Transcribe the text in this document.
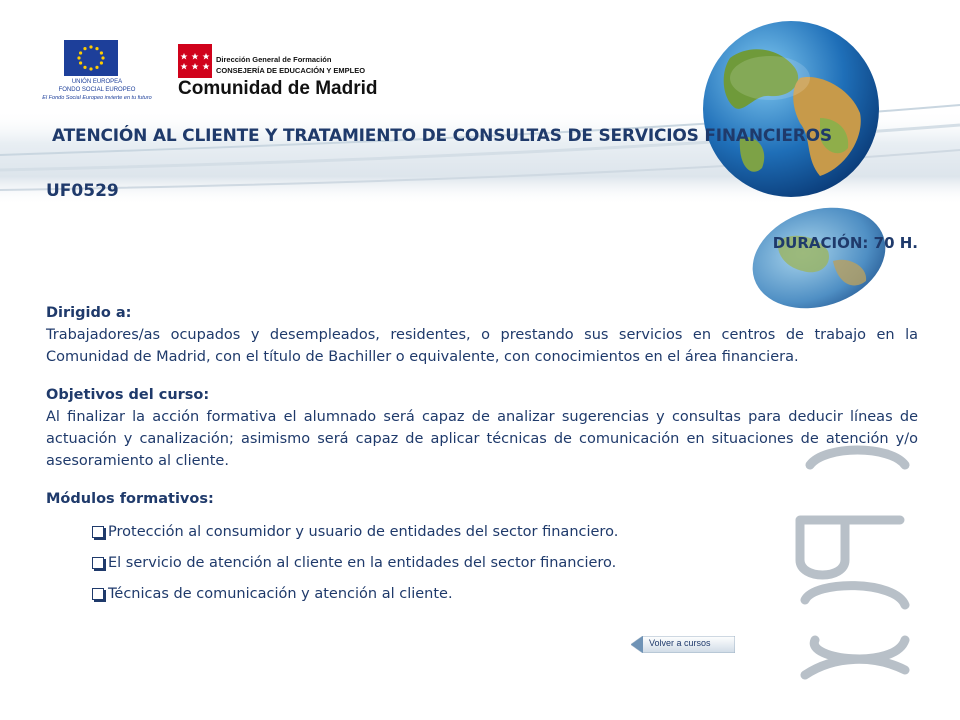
UNIÓN EUROPEA
FONDO SOCIAL EUROPEO
El Fondo Social Europeo invierte en tu futuro
Dirección General de Formación
CONSEJERÍA DE EDUCACIÓN Y EMPLEO
Comunidad de Madrid
ATENCIÓN AL CLIENTE Y TRATAMIENTO DE CONSULTAS DE SERVICIOS FINANCIEROS
UF0529
DURACIÓN: 70 H.
Dirigido a:
Trabajadores/as ocupados y desempleados, residentes, o prestando sus servicios en centros de trabajo en la Comunidad de Madrid, con el título de Bachiller o equivalente, con conocimientos en el área financiera.
Objetivos del curso:
Al finalizar la acción formativa el alumnado será capaz de analizar sugerencias y consultas para deducir líneas de actuación y canalización; asimismo será capaz de aplicar técnicas de comunicación en situaciones de atención y/o asesoramiento al cliente.
Módulos formativos:
Protección al consumidor y usuario de entidades del sector financiero.
El servicio de atención al cliente en la entidades del sector financiero.
Técnicas de comunicación y atención al cliente.
Volver a cursos
